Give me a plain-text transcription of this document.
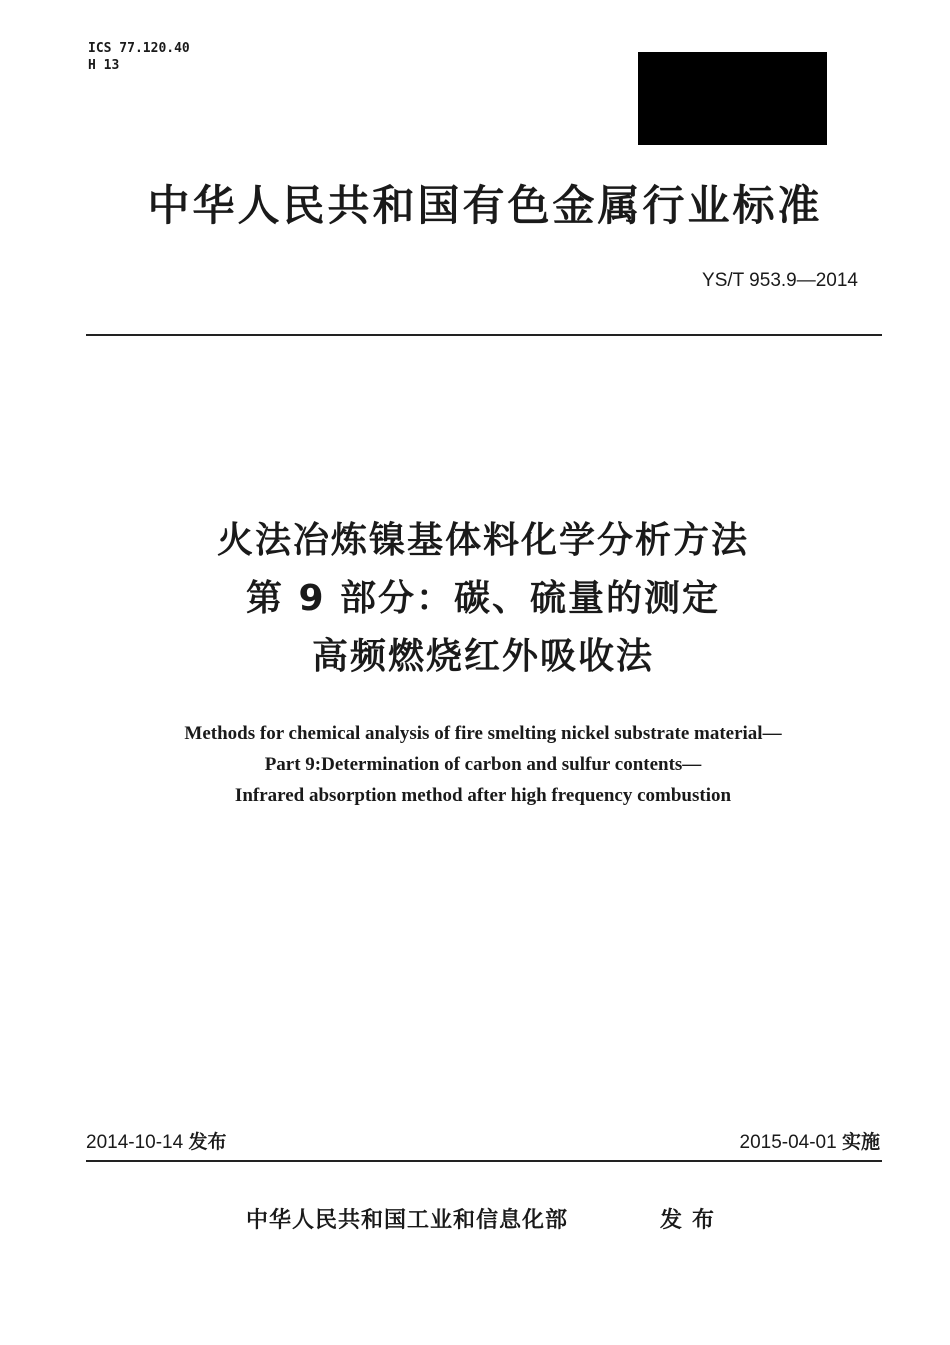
ICS 77.120.40
H 13
中华人民共和国有色金属行业标准
YS/T 953.9—2014
火法冶炼镍基体料化学分析方法
第 9 部分：碳、硫量的测定
高频燃烧红外吸收法
Methods for chemical analysis of fire smelting nickel substrate material—
Part 9:Determination of carbon and sulfur contents—
Infrared absorption method after high frequency combustion
2014-10-14 发布	2015-04-01 实施
中华人民共和国工业和信息化部	发布
